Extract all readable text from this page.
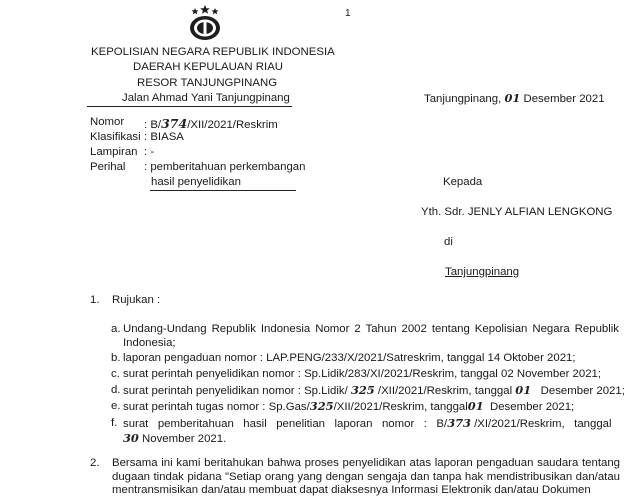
1
KEPOLISIAN NEGARA REPUBLIK INDONESIA
DAERAH KEPULAUAN RIAU
RESOR TANJUNGPINANG
Jalan Ahmad Yani Tanjungpinang	Tanjungpinang, 01 Desember 2021
Nomor : B/374/XII/2021/Reskrim
Klasifikasi : BIASA
Lampiran : -
Perihal : pemberitahuan perkembangan
hasil penyelidikan	Kepada
Yth. Sdr. JENLY ALFIAN LENGKONG
di
Tanjungpinang
1. Rujukan :
a. Undang-Undang Republik Indonesia Nomor 2 Tahun 2002 tentang Kepolisian Negara Republik Indonesia;
b. laporan pengaduan nomor : LAP.PENG/233/X/2021/Satreskrim, tanggal 14 Oktober 2021;
c. surat perintah penyelidikan nomor : Sp.Lidik/283/XI/2021/Reskrim, tanggal 02 November 2021;
d. surat perintah penyelidikan nomor : Sp.Lidik/ 325 /XII/2021/Reskrim, tanggal 01   Desember 2021;
e. surat perintah tugas nomor : Sp.Gas/325/XII/2021/Reskrim, tanggal01  Desember 2021;
f. surat   pemberitahuan   hasil   penelitian   laporan   nomor   :   B/373 /XI/2021/Reskrim,   tanggal
30 November 2021.
2. Bersama ini kami beritahukan bahwa proses penyelidikan atas laporan pengaduan saudara tentang dugaan tindak pidana "Setiap orang yang dengan sengaja dan tanpa hak mendistribusikan dan/atau mentransmisikan dan/atau membuat dapat diaksesnya Informasi Elektronik dan/atau Dokumen
